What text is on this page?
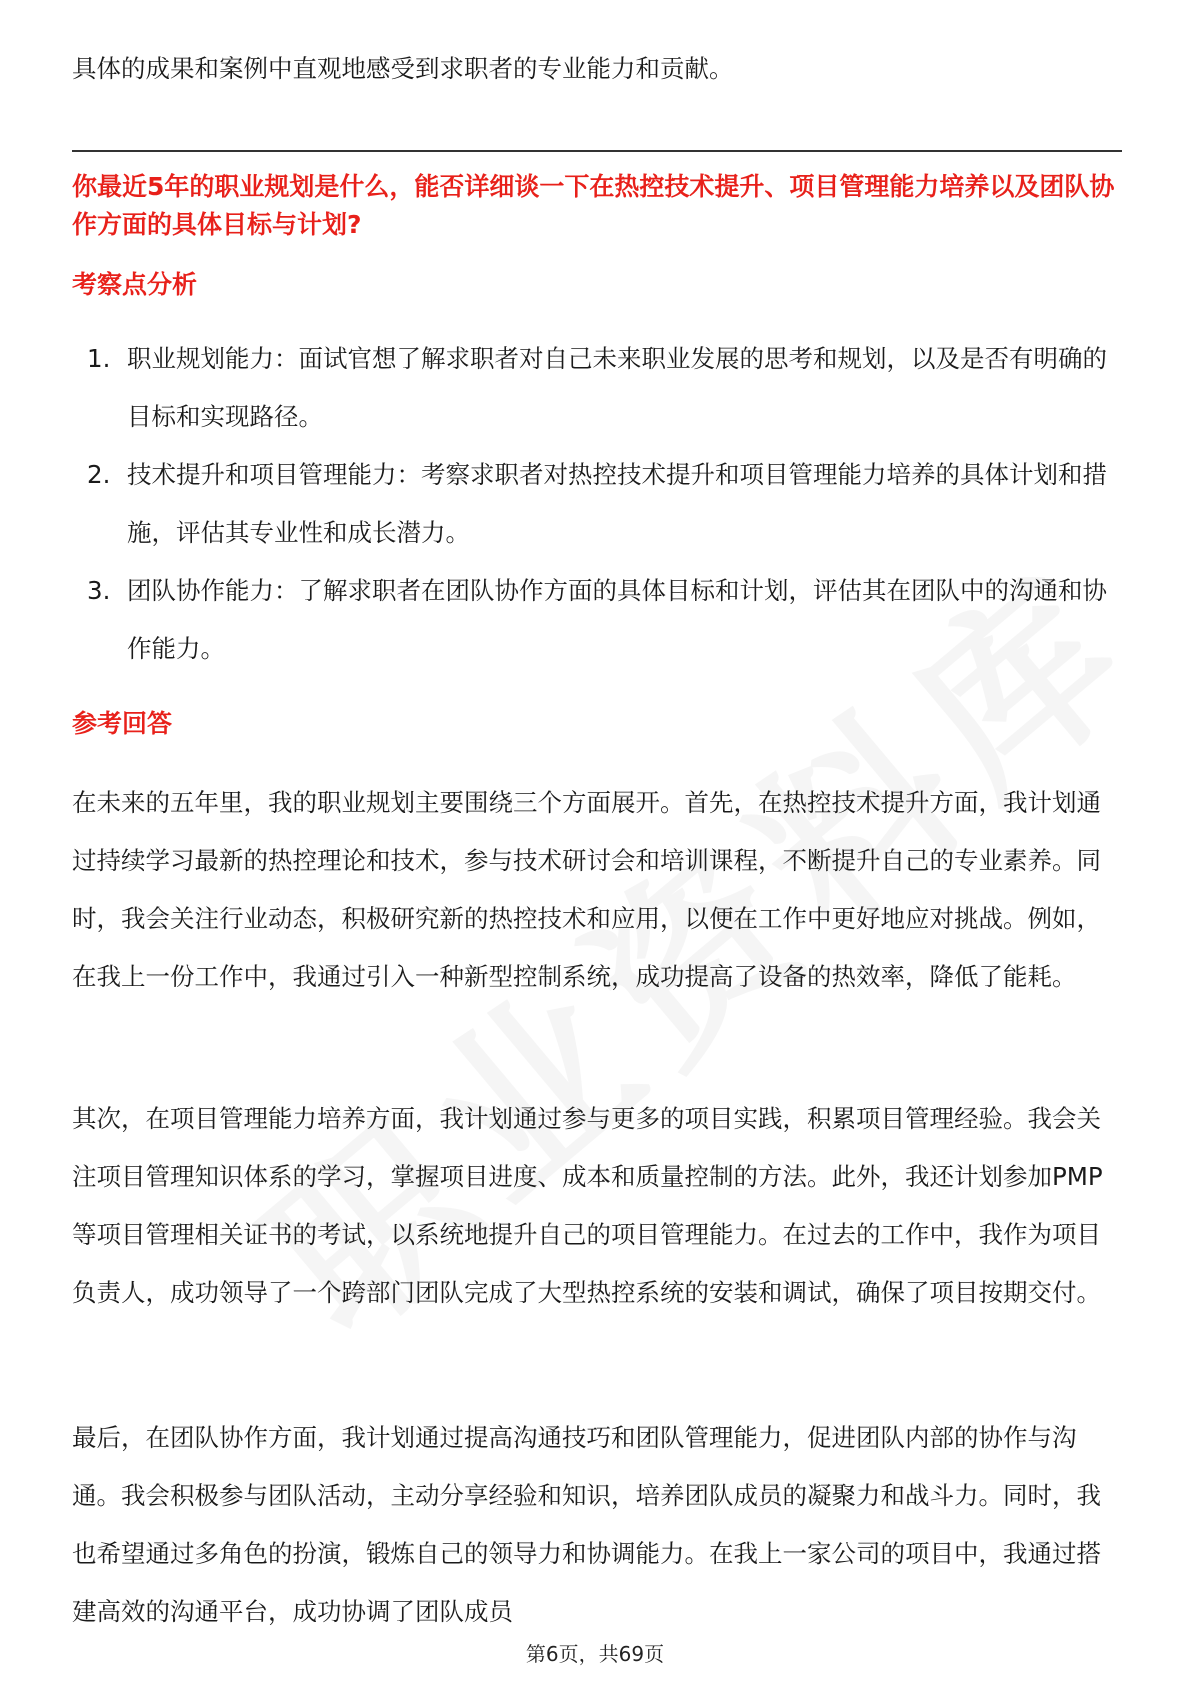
具体的成果和案例中直观地感受到求职者的专业能力和贡献。

你最近5年的职业规划是什么，能否详细谈一下在热控技术提升、项目管理能力培养以及团队协作方面的具体目标与计划?

考察点分析
1. 职业规划能力：面试官想了解求职者对自己未来职业发展的思考和规划，以及是否有明确的目标和实现路径。
2. 技术提升和项目管理能力：考察求职者对热控技术提升和项目管理能力培养的具体计划和措施，评估其专业性和成长潜力。
3. 团队协作能力：了解求职者在团队协作方面的具体目标和计划，评估其在团队中的沟通和协作能力。
参考回答

在未来的五年里，我的职业规划主要围绕三个方面展开。首先，在热控技术提升方面，我计划通过持续学习最新的热控理论和技术，参与技术研讨会和培训课程，不断提升自己的专业素养。同时，我会关注行业动态，积极研究新的热控技术和应用，以便在工作中更好地应对挑战。例如，在我上一份工作中，我通过引入一种新型控制系统，成功提高了设备的热效率，降低了能耗。

其次，在项目管理能力培养方面，我计划通过参与更多的项目实践，积累项目管理经验。我会关注项目管理知识体系的学习，掌握项目进度、成本和质量控制的方法。此外，我还计划参加PMP等项目管理相关证书的考试，以系统地提升自己的项目管理能力。在过去的工作中，我作为项目负责人，成功领导了一个跨部门团队完成了大型热控系统的安装和调试，确保了项目按期交付。

最后，在团队协作方面，我计划通过提高沟通技巧和团队管理能力，促进团队内部的协作与沟通。我会积极参与团队活动，主动分享经验和知识，培养团队成员的凝聚力和战斗力。同时，我也希望通过多角色的扮演，锻炼自己的领导力和协调能力。在我上一家公司的项目中，我通过搭建高效的沟通平台，成功协调了团队成员

第6页，共69页
